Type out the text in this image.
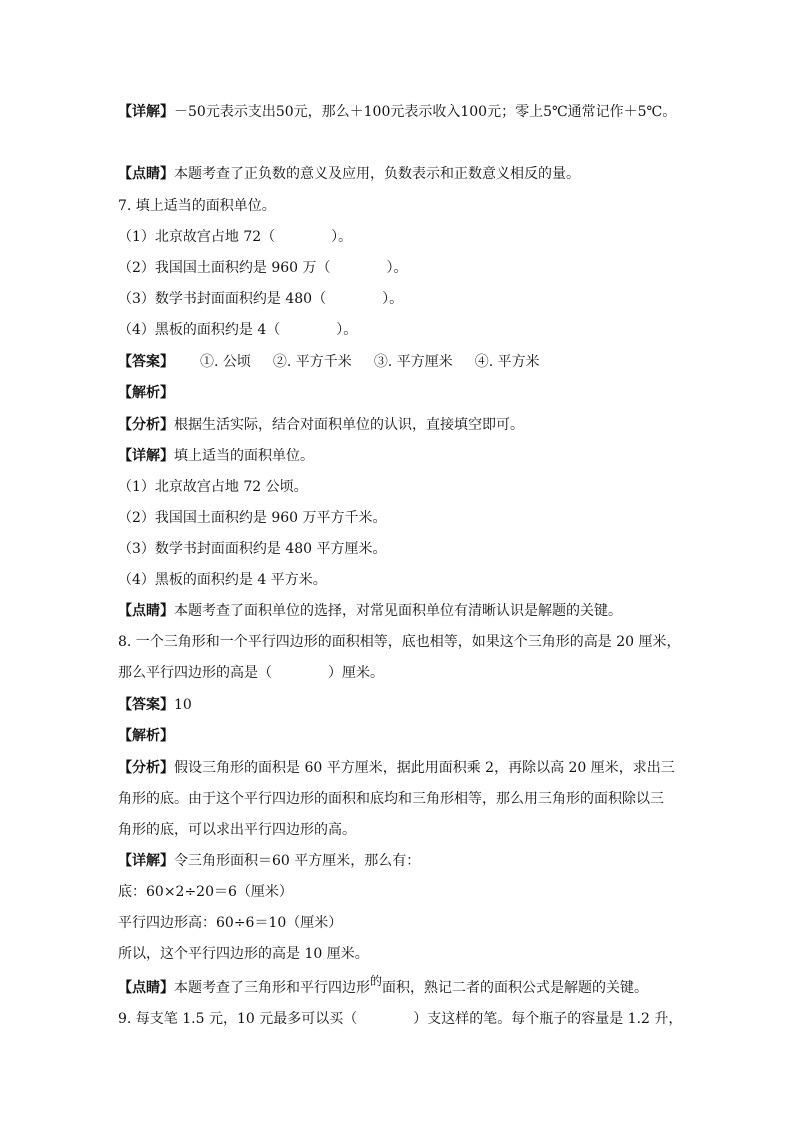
【详解】－50元表示支出50元，那么＋100元表示收入100元；零上5℃通常记作＋5℃。
【点睛】本题考查了正负数的意义及应用，负数表示和正数意义相反的量。
7. 填上适当的面积单位。
（1）北京故宫占地 72（　　　　）。
（2）我国国土面积约是 960 万（　　　　）。
（3）数学书封面面积约是 480（　　　　）。
（4）黑板的面积约是 4（　　　　）。
【答案】 ①. 公顷 ②. 平方千米 ③. 平方厘米 ④. 平方米
【解析】
【分析】根据生活实际，结合对面积单位的认识，直接填空即可。
【详解】填上适当的面积单位。
（1）北京故宫占地 72 公顷。
（2）我国国土面积约是 960 万平方千米。
（3）数学书封面面积约是 480 平方厘米。
（4）黑板的面积约是 4 平方米。
【点睛】本题考查了面积单位的选择，对常见面积单位有清晰认识是解题的关键。
8. 一个三角形和一个平行四边形的面积相等，底也相等，如果这个三角形的高是 20 厘米，
那么平行四边形的高是（　　　　）厘米。
【答案】10
【解析】
【分析】假设三角形的面积是 60 平方厘米，据此用面积乘 2，再除以高 20 厘米，求出三
角形的底。由于这个平行四边形的面积和底均和三角形相等，那么用三角形的面积除以三
角形的底，可以求出平行四边形的高。
【详解】令三角形面积＝60 平方厘米，那么有：
底：60×2÷20＝6（厘米）
平行四边形高：60÷6＝10（厘米）
所以，这个平行四边形的高是 10 厘米。
【点睛】本题考查了三角形和平行四边形的面积，熟记二者的面积公式是解题的关键。
9. 每支笔 1.5 元，10 元最多可以买（　　　　）支这样的笔。每个瓶子的容量是 1.2 升，
